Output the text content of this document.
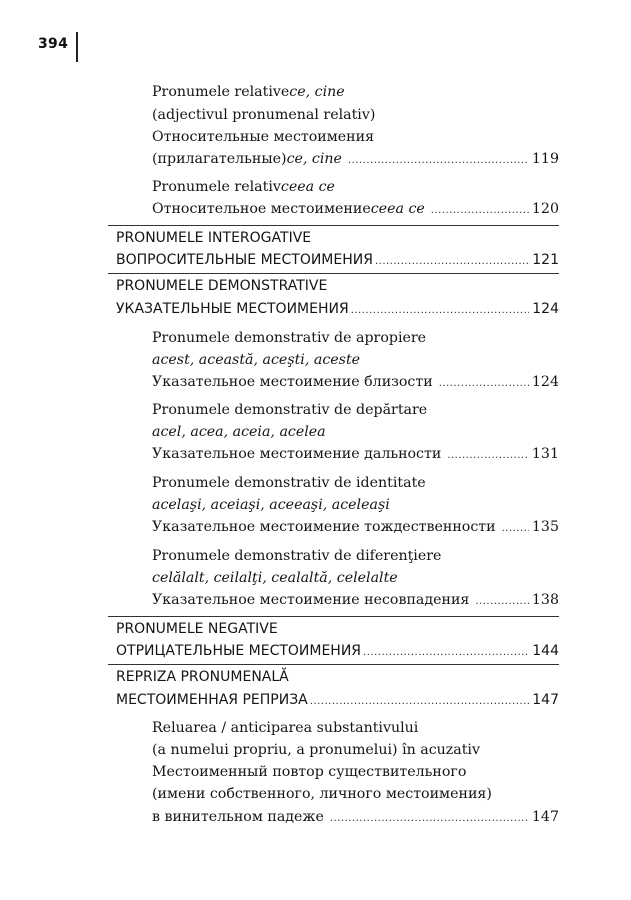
394
Pronumele relative ce, cine
(adjectivul pronumenal relativ)
Относительные местоимения
(прилагательные) ce, cine .....	119
Pronumele relativ ceea ce
Относительное местоимение ceea ce .....	120
PRONUMELE INTEROGATIVE
ВОПРОСИТЕЛЬНЫЕ МЕСТОИМЕНИЯ .....	121
PRONUMELE DEMONSTRATIVE
УКАЗАТЕЛЬНЫЕ МЕСТОИМЕНИЯ .....	124
Pronumele demonstrativ de apropiere
acest, această, aceşti, aceste
Указательное местоимение близости .....	124
Pronumele demonstrativ de depărtare
acel, acea, aceia, acelea
Указательное местоимение дальности .....	131
Pronumele demonstrativ de identitate
acelaşi, aceiaşi, aceeaşi, aceleaşi
Указательное местоимение тождественности .....	135
Pronumele demonstrativ de diferenţiere
celălalt, ceilalţi, cealaltă, celelalte
Указательное местоимение несовпадения .....	138
PRONUMELE NEGATIVE
ОТРИЦАТЕЛЬНЫЕ МЕСТОИМЕНИЯ .....	144
REPRIZA PRONUMENALĂ
МЕСТОИМЕННАЯ РЕПРИЗА .....	147
Reluarea / anticiparea substantivului
(a numelui propriu, a pronumelui) în acuzativ
Местоименный повтор существительного
(имени собственного, личного местоимения)
в винительном падеже .....	147
